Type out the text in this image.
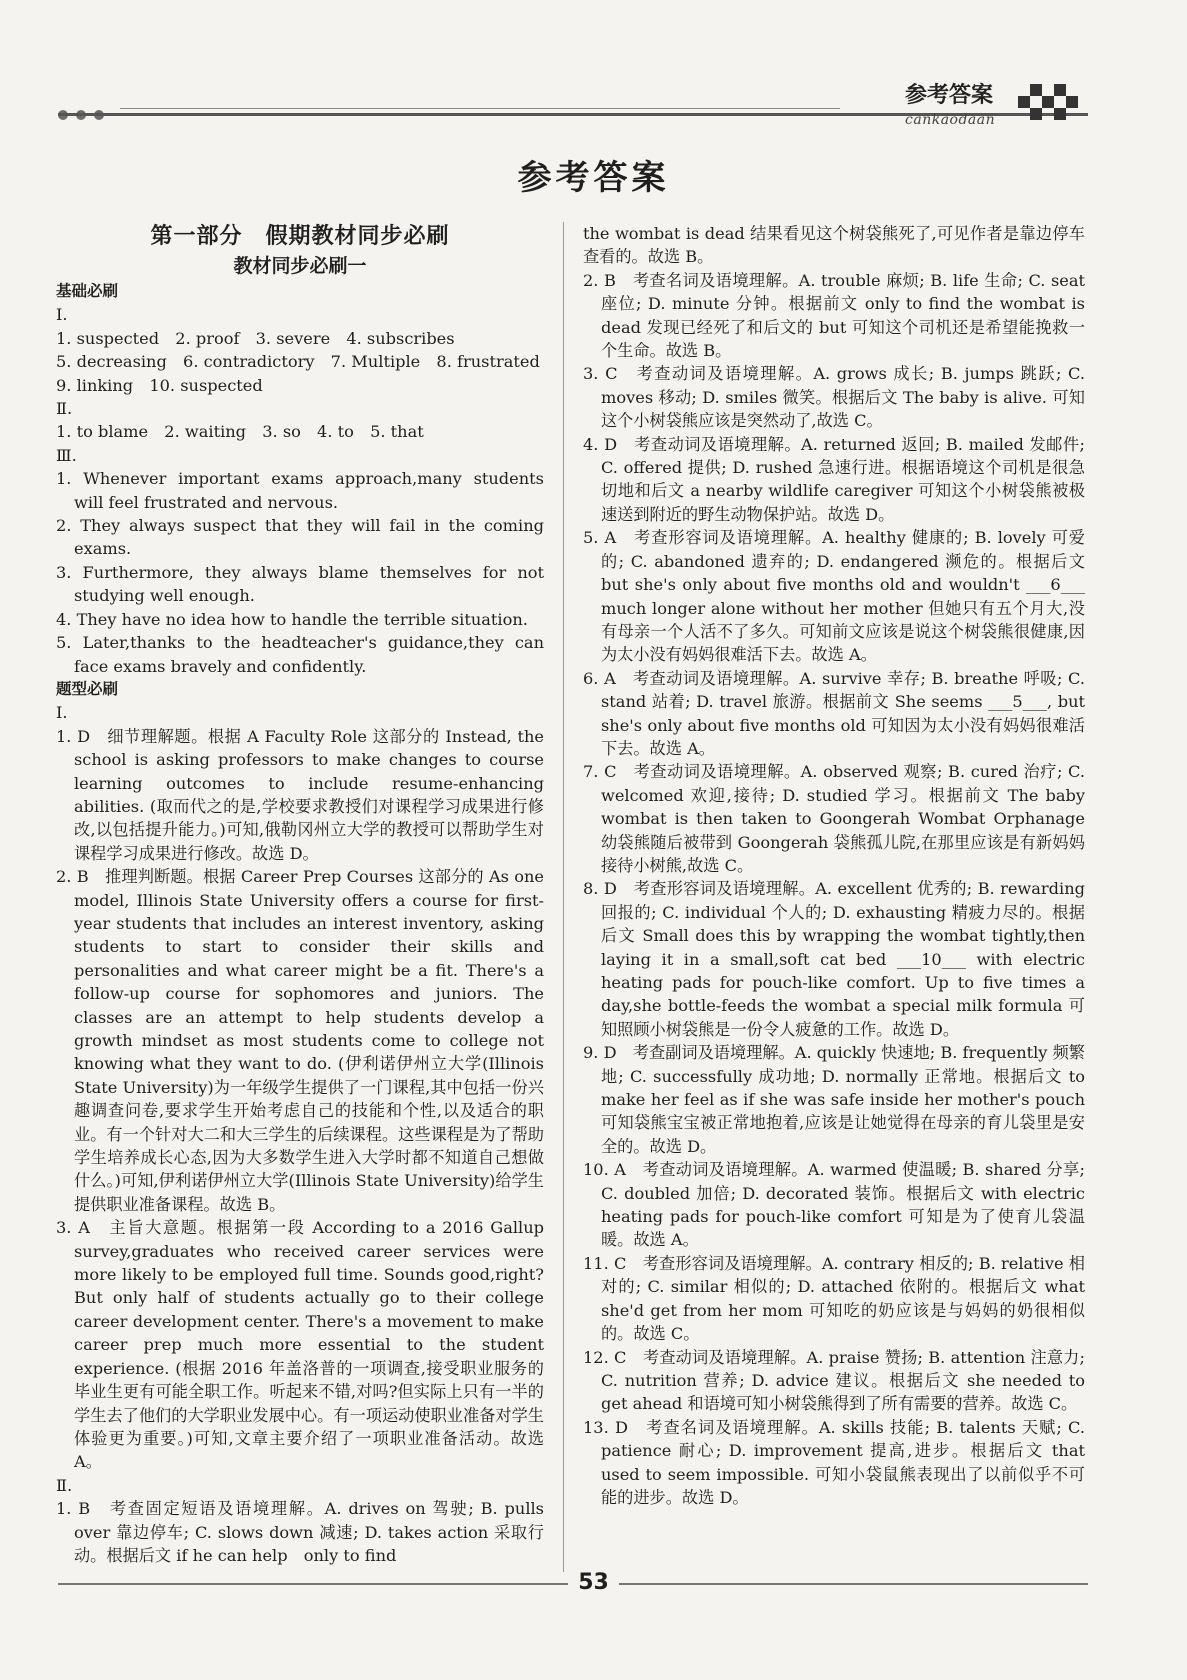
参考答案
cankaodaan
参考答案
第一部分　假期教材同步必刷
教材同步必刷一
基础必刷
Ⅰ.
1. suspected　2. proof　3. severe　4. subscribes
5. decreasing　6. contradictory　7. Multiple　8. frustrated
9. linking　10. suspected
Ⅱ.
1. to blame　2. waiting　3. so　4. to　5. that
Ⅲ.
1. Whenever important exams approach,many students will feel frustrated and nervous.
2. They always suspect that they will fail in the coming exams.
3. Furthermore, they always blame themselves for not studying well enough.
4. They have no idea how to handle the terrible situation.
5. Later,thanks to the headteacher's guidance,they can face exams bravely and confidently.
题型必刷
Ⅰ.
1. D　细节理解题。根据 A Faculty Role 这部分的 Instead, the school is asking professors to make changes to course learning outcomes to include resume-enhancing abilities. (取而代之的是,学校要求教授们对课程学习成果进行修改,以包括提升能力。)可知,俄勒冈州立大学的教授可以帮助学生对课程学习成果进行修改。故选 D。
2. B　推理判断题。根据 Career Prep Courses 这部分的 As one model, Illinois State University offers a course for first-year students that includes an interest inventory, asking students to start to consider their skills and personalities and what career might be a fit. There's a follow-up course for sophomores and juniors. The classes are an attempt to help students develop a growth mindset as most students come to college not knowing what they want to do. (伊利诺伊州立大学(Illinois State University)为一年级学生提供了一门课程,其中包括一份兴趣调查问卷,要求学生开始考虑自己的技能和个性,以及适合的职业。有一个针对大二和大三学生的后续课程。这些课程是为了帮助学生培养成长心态,因为大多数学生进入大学时都不知道自己想做什么。)可知,伊利诺伊州立大学(Illinois State University)给学生提供职业准备课程。故选 B。
3. A　主旨大意题。根据第一段 According to a 2016 Gallup survey,graduates who received career services were more likely to be employed full time. Sounds good,right? But only half of students actually go to their college career development center. There's a movement to make career prep much more essential to the student experience. (根据 2016 年盖洛普的一项调查,接受职业服务的毕业生更有可能全职工作。听起来不错,对吗?但实际上只有一半的学生去了他们的大学职业发展中心。有一项运动使职业准备对学生体验更为重要。)可知,文章主要介绍了一项职业准备活动。故选 A。
Ⅱ.
1. B　考查固定短语及语境理解。A. drives on 驾驶; B. pulls over 靠边停车; C. slows down 减速; D. takes action 采取行动。根据后文 if he can help　only to find
the wombat is dead 结果看见这个树袋熊死了,可见作者是靠边停车查看的。故选 B。
2. B　考查名词及语境理解。A. trouble 麻烦; B. life 生命; C. seat 座位; D. minute 分钟。根据前文 only to find the wombat is dead 发现已经死了和后文的 but 可知这个司机还是希望能挽救一个生命。故选 B。
3. C　考查动词及语境理解。A. grows 成长; B. jumps 跳跃; C. moves 移动; D. smiles 微笑。根据后文 The baby is alive. 可知这个小树袋熊应该是突然动了,故选 C。
4. D　考查动词及语境理解。A. returned 返回; B. mailed 发邮件; C. offered 提供; D. rushed 急速行进。根据语境这个司机是很急切地和后文 a nearby wildlife caregiver 可知这个小树袋熊被极速送到附近的野生动物保护站。故选 D。
5. A　考查形容词及语境理解。A. healthy 健康的; B. lovely 可爱的; C. abandoned 遗弃的; D. endangered 濒危的。根据后文 but she's only about five months old and wouldn't ___6___ much longer alone without her mother 但她只有五个月大,没有母亲一个人活不了多久。可知前文应该是说这个树袋熊很健康,因为太小没有妈妈很难活下去。故选 A。
6. A　考查动词及语境理解。A. survive 幸存; B. breathe 呼吸; C. stand 站着; D. travel 旅游。根据前文 She seems ___5___, but she's only about five months old 可知因为太小没有妈妈很难活下去。故选 A。
7. C　考查动词及语境理解。A. observed 观察; B. cured 治疗; C. welcomed 欢迎,接待; D. studied 学习。根据前文 The baby wombat is then taken to Goongerah Wombat Orphanage 幼袋熊随后被带到 Goongerah 袋熊孤儿院,在那里应该是有新妈妈接待小树熊,故选 C。
8. D　考查形容词及语境理解。A. excellent 优秀的; B. rewarding 回报的; C. individual 个人的; D. exhausting 精疲力尽的。根据后文 Small does this by wrapping the wombat tightly,then laying it in a small,soft cat bed ___10___ with electric heating pads for pouch-like comfort. Up to five times a day,she bottle-feeds the wombat a special milk formula 可知照顾小树袋熊是一份令人疲惫的工作。故选 D。
9. D　考查副词及语境理解。A. quickly 快速地; B. frequently 频繁地; C. successfully 成功地; D. normally 正常地。根据后文 to make her feel as if she was safe inside her mother's pouch 可知袋熊宝宝被正常地抱着,应该是让她觉得在母亲的育儿袋里是安全的。故选 D。
10. A　考查动词及语境理解。A. warmed 使温暖; B. shared 分享; C. doubled 加倍; D. decorated 装饰。根据后文 with electric heating pads for pouch-like comfort 可知是为了使育儿袋温暖。故选 A。
11. C　考查形容词及语境理解。A. contrary 相反的; B. relative 相对的; C. similar 相似的; D. attached 依附的。根据后文 what she'd get from her mom 可知吃的奶应该是与妈妈的奶很相似的。故选 C。
12. C　考查动词及语境理解。A. praise 赞扬; B. attention 注意力; C. nutrition 营养; D. advice 建议。根据后文 she needed to get ahead 和语境可知小树袋熊得到了所有需要的营养。故选 C。
13. D　考查名词及语境理解。A. skills 技能; B. talents 天赋; C. patience 耐心; D. improvement 提高,进步。根据后文 that used to seem impossible. 可知小袋鼠熊表现出了以前似乎不可能的进步。故选 D。
53
